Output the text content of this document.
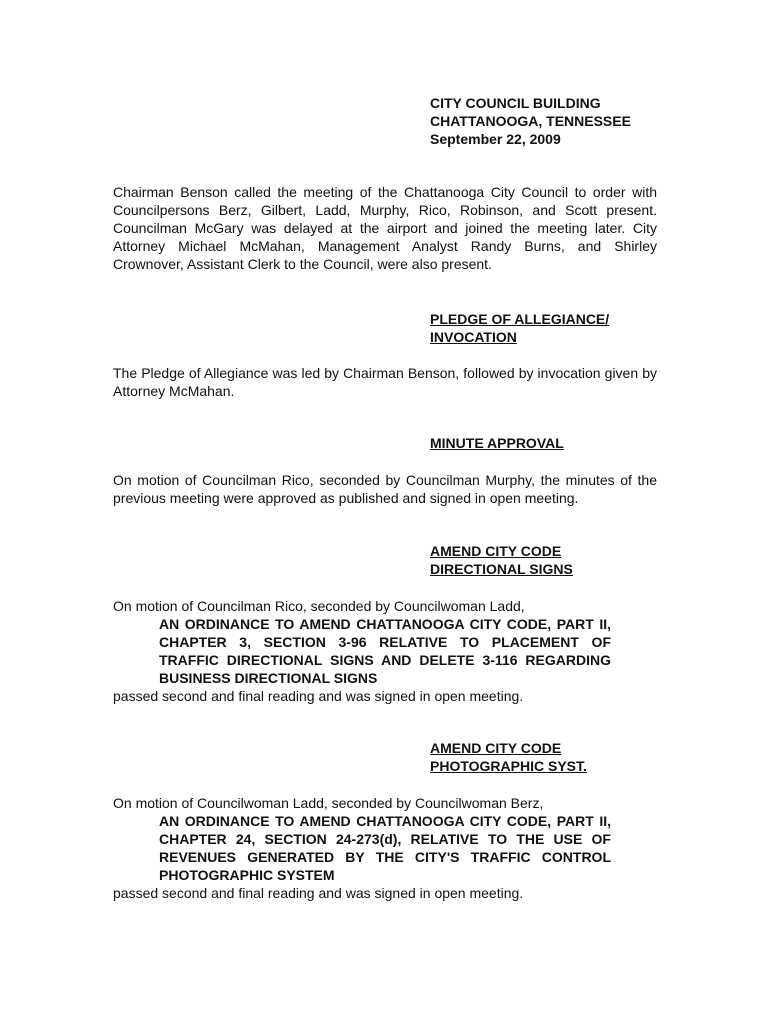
CITY COUNCIL BUILDING
CHATTANOOGA, TENNESSEE
September 22, 2009
Chairman Benson called the meeting of the Chattanooga City Council to order with Councilpersons Berz, Gilbert, Ladd, Murphy, Rico, Robinson, and Scott present. Councilman McGary was delayed at the airport and joined the meeting later. City Attorney Michael McMahan, Management Analyst Randy Burns, and Shirley Crownover, Assistant Clerk to the Council, were also present.
PLEDGE OF ALLEGIANCE/
INVOCATION
The Pledge of Allegiance was led by Chairman Benson, followed by invocation given by Attorney McMahan.
MINUTE APPROVAL
On motion of Councilman Rico, seconded by Councilman Murphy, the minutes of the previous meeting were approved as published and signed in open meeting.
AMEND CITY CODE
DIRECTIONAL SIGNS
On motion of Councilman Rico, seconded by Councilwoman Ladd,
AN ORDINANCE TO AMEND CHATTANOOGA CITY CODE, PART II, CHAPTER 3, SECTION 3-96 RELATIVE TO PLACEMENT OF TRAFFIC DIRECTIONAL SIGNS AND DELETE 3-116 REGARDING BUSINESS DIRECTIONAL SIGNS
passed second and final reading and was signed in open meeting.
AMEND CITY CODE
PHOTOGRAPHIC SYST.
On motion of Councilwoman Ladd, seconded by Councilwoman Berz,
AN ORDINANCE TO AMEND CHATTANOOGA CITY CODE, PART II, CHAPTER 24, SECTION 24-273(d), RELATIVE TO THE USE OF REVENUES GENERATED BY THE CITY'S TRAFFIC CONTROL PHOTOGRAPHIC SYSTEM
passed second and final reading and was signed in open meeting.
